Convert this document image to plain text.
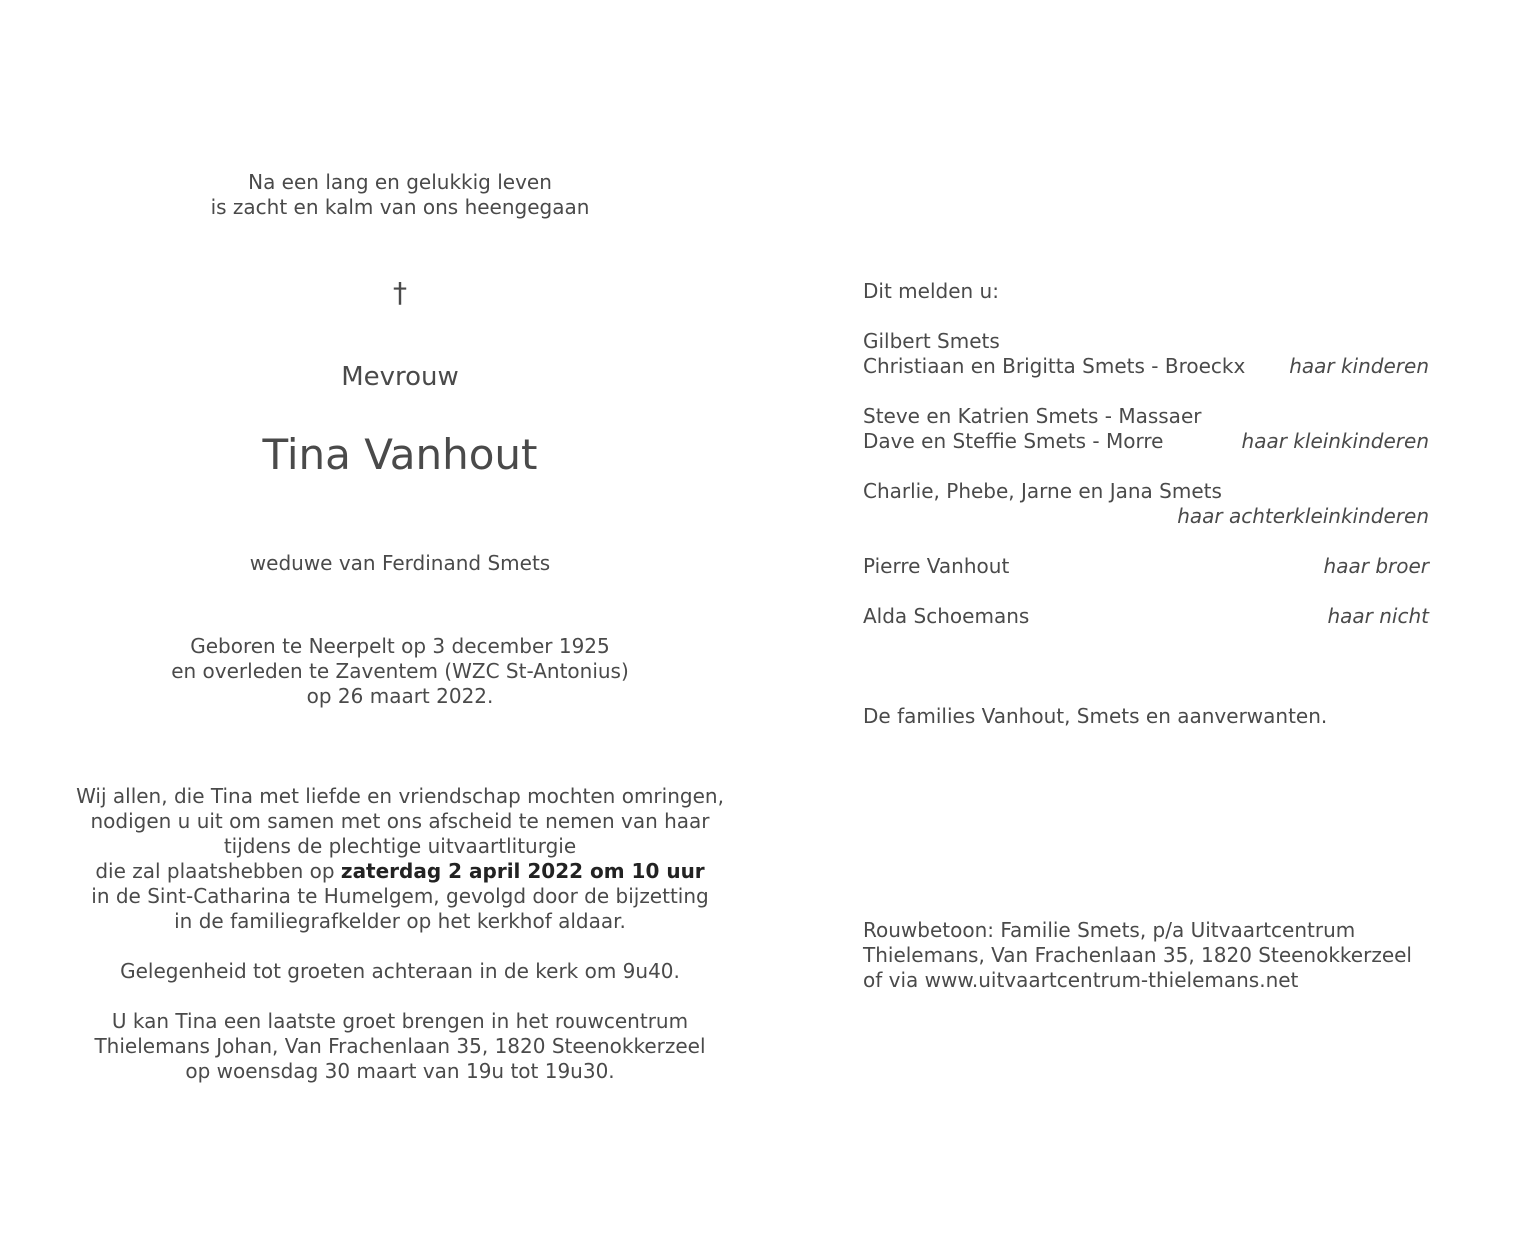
Na een lang en gelukkig leven
is zacht en kalm van ons heengegaan
†
Mevrouw
Tina Vanhout
weduwe van Ferdinand Smets
Geboren te Neerpelt op 3 december 1925
en overleden te Zaventem (WZC St-Antonius)
op 26 maart 2022.
Wij allen, die Tina met liefde en vriendschap mochten omringen,
nodigen u uit om samen met ons afscheid te nemen van haar
tijdens de plechtige uitvaartliturgie
die zal plaatshebben op zaterdag 2 april 2022 om 10 uur
in de Sint-Catharina te Humelgem, gevolgd door de bijzetting
in de familiegrafkelder op het kerkhof aldaar.
Gelegenheid tot groeten achteraan in de kerk om 9u40.
U kan Tina een laatste groet brengen in het rouwcentrum
Thielemans Johan, Van Frachenlaan 35, 1820 Steenokkerzeel
op woensdag 30 maart van 19u tot 19u30.
Dit melden u:
Gilbert Smets
Christiaan en Brigitta Smets - Broeckx haar kinderen
Steve en Katrien Smets - Massaer
Dave en Steffie Smets - Morre	haar kleinkinderen
Charlie, Phebe, Jarne en Jana Smets
haar achterkleinkinderen
Pierre Vanhout	haar broer
Alda Schoemans	haar nicht
De families Vanhout, Smets en aanverwanten.
Rouwbetoon: Familie Smets, p/a Uitvaartcentrum
Thielemans, Van Frachenlaan 35, 1820 Steenokkerzeel
of via www.uitvaartcentrum-thielemans.net
